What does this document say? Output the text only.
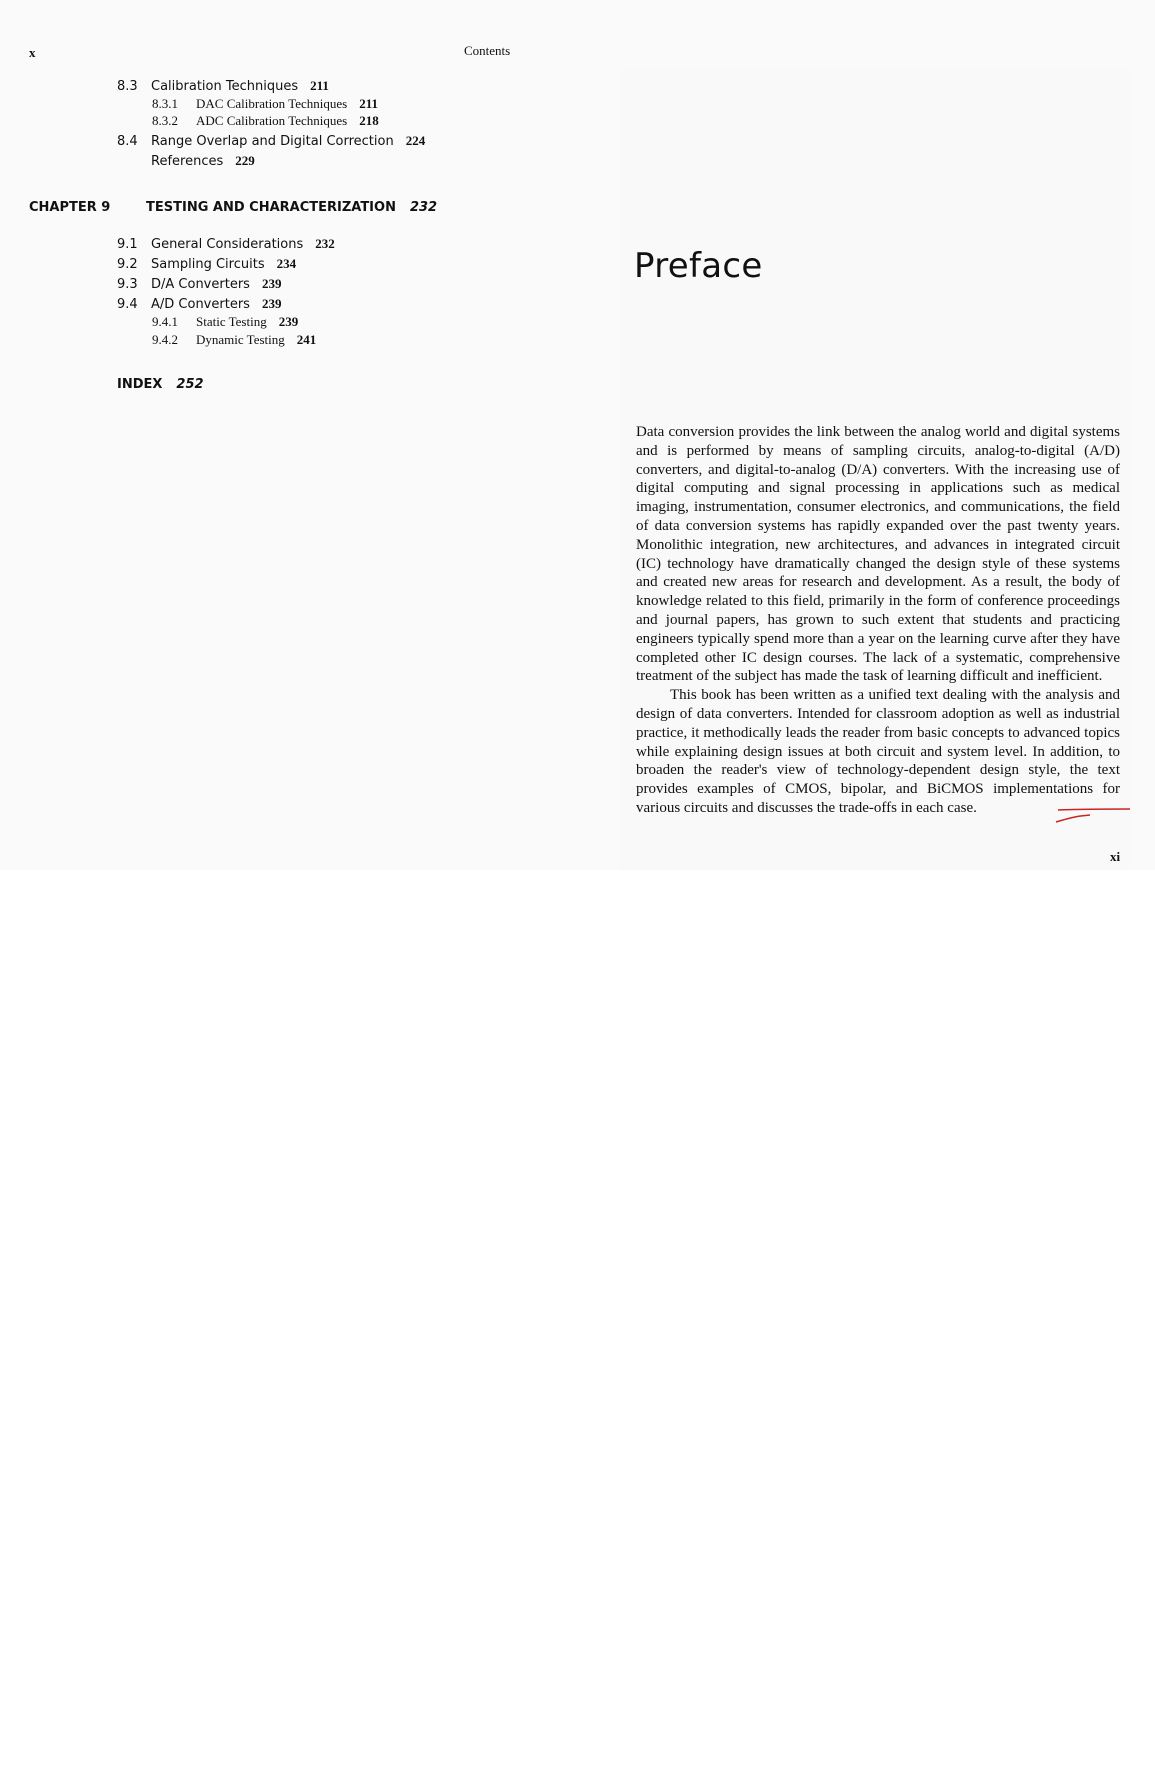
x	Contents
8.3 Calibration Techniques 211
8.3.1 DAC Calibration Techniques 211
8.3.2 ADC Calibration Techniques 218
8.4 Range Overlap and Digital Correction 224
References 229
CHAPTER 9	TESTING AND CHARACTERIZATION 232
9.1 General Considerations 232
9.2 Sampling Circuits 234
9.3 D/A Converters 239
9.4 A/D Converters 239
9.4.1 Static Testing 239
9.4.2 Dynamic Testing 241
INDEX 252
Preface

Data conversion provides the link between the analog world and digital systems and is performed by means of sampling circuits, analog-to-digital (A/D) converters, and digital-to-analog (D/A) converters. With the increasing use of digital computing and signal processing in applications such as medical imaging, instrumentation, consumer electronics, and communications, the field of data conversion systems has rapidly expanded over the past twenty years. Monolithic integration, new architectures, and advances in integrated circuit (IC) technology have dramatically changed the design style of these systems and created new areas for research and development. As a result, the body of knowledge related to this field, primarily in the form of conference proceedings and journal papers, has grown to such extent that students and practicing engineers typically spend more than a year on the learning curve after they have completed other IC design courses. The lack of a systematic, comprehensive treatment of the subject has made the task of learning difficult and inefficient.

This book has been written as a unified text dealing with the analysis and design of data converters. Intended for classroom adoption as well as industrial practice, it methodically leads the reader from basic concepts to advanced topics while explaining design issues at both circuit and system level. In addition, to broaden the reader's view of technology-dependent design style, the text provides examples of CMOS, bipolar, and BiCMOS implementations for various circuits and discusses the trade-offs in each case.

xi
